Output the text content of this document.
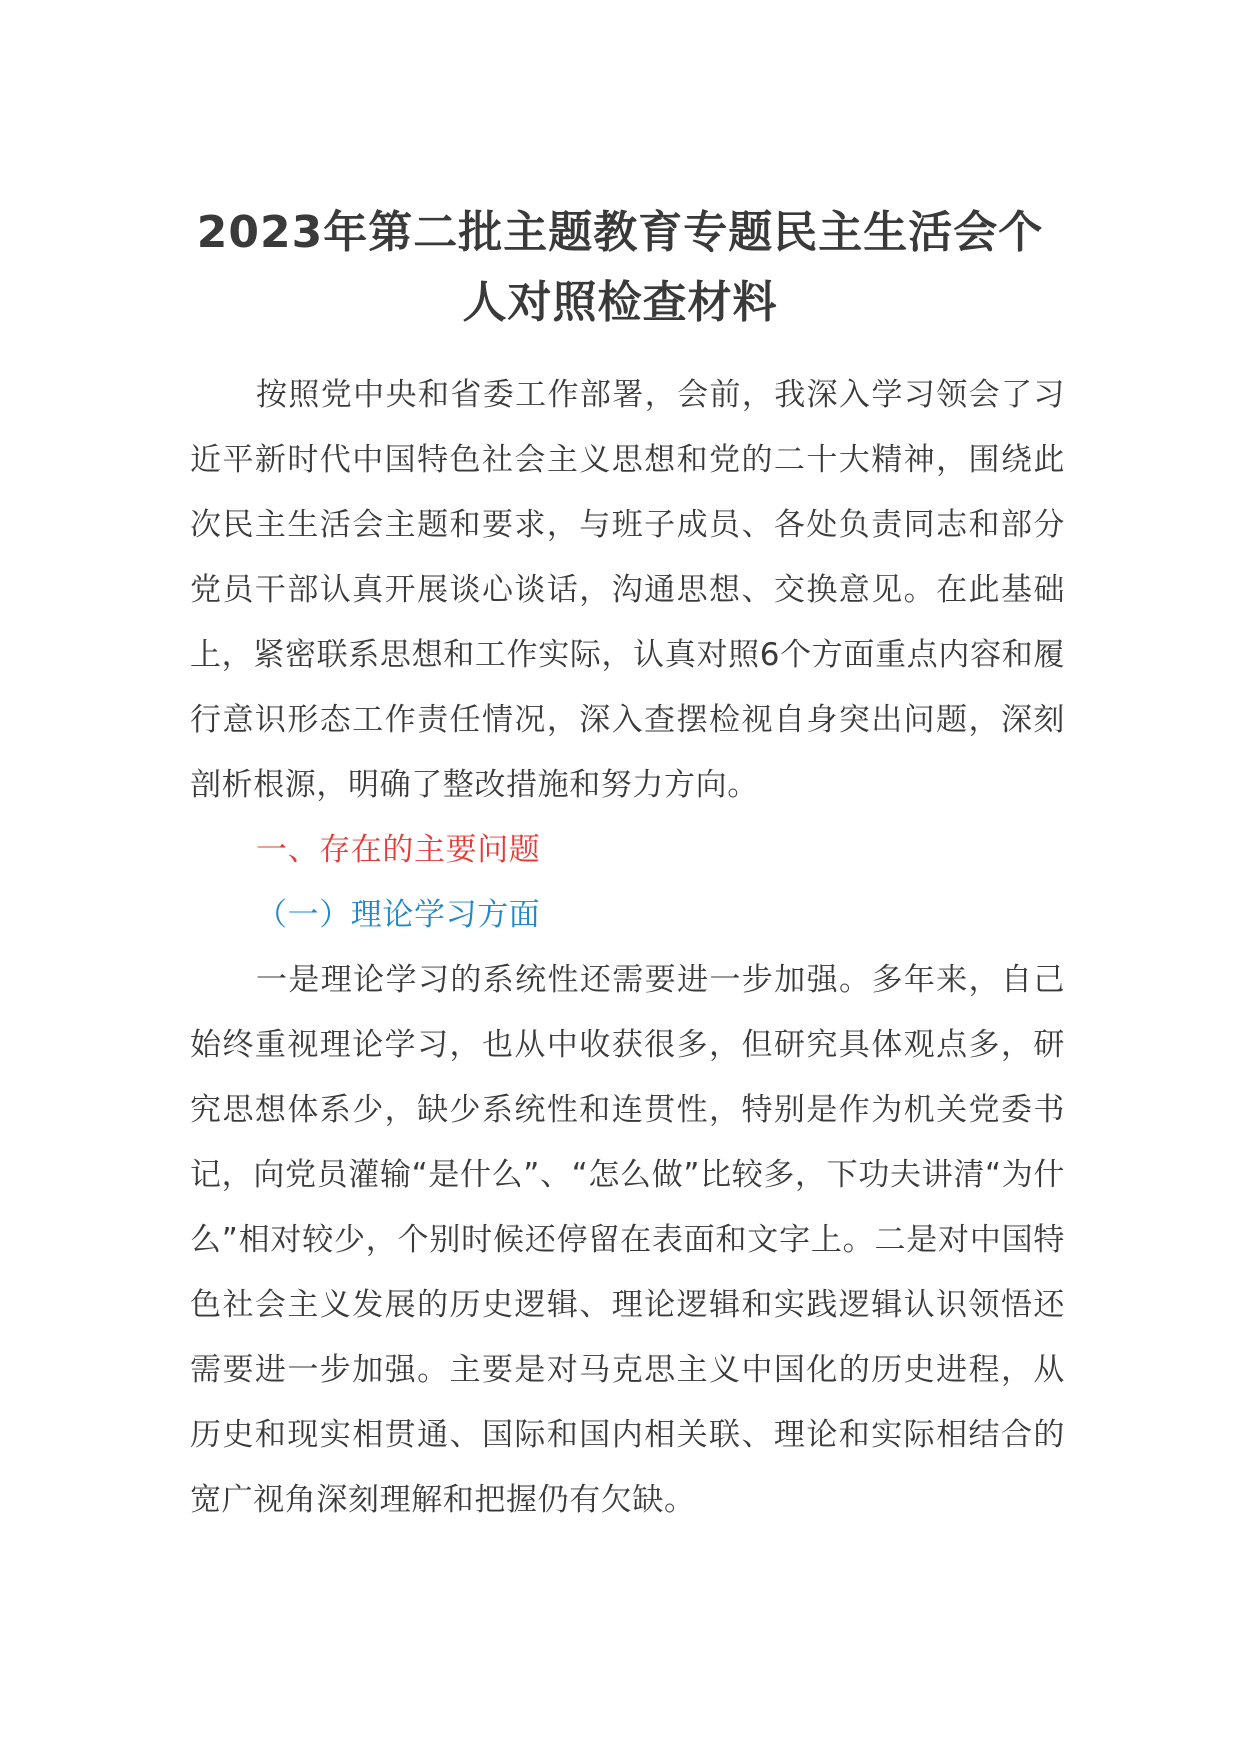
2023年第二批主题教育专题民主生活会个
人对照检查材料

按照党中央和省委工作部署，会前，我深入学习领会了习近平新时代中国特色社会主义思想和党的二十大精神，围绕此次民主生活会主题和要求，与班子成员、各处负责同志和部分党员干部认真开展谈心谈话，沟通思想、交换意见。在此基础上，紧密联系思想和工作实际，认真对照6个方面重点内容和履行意识形态工作责任情况，深入查摆检视自身突出问题，深刻剖析根源，明确了整改措施和努力方向。

一、存在的主要问题

（一）理论学习方面

一是理论学习的系统性还需要进一步加强。多年来，自己始终重视理论学习，也从中收获很多，但研究具体观点多，研究思想体系少，缺少系统性和连贯性，特别是作为机关党委书记，向党员灌输“是什么”、“怎么做”比较多，下功夫讲清“为什么”相对较少，个别时候还停留在表面和文字上。二是对中国特色社会主义发展的历史逻辑、理论逻辑和实践逻辑认识领悟还需要进一步加强。主要是对马克思主义中国化的历史进程，从历史和现实相贯通、国际和国内相关联、理论和实际相结合的宽广视角深刻理解和把握仍有欠缺。
